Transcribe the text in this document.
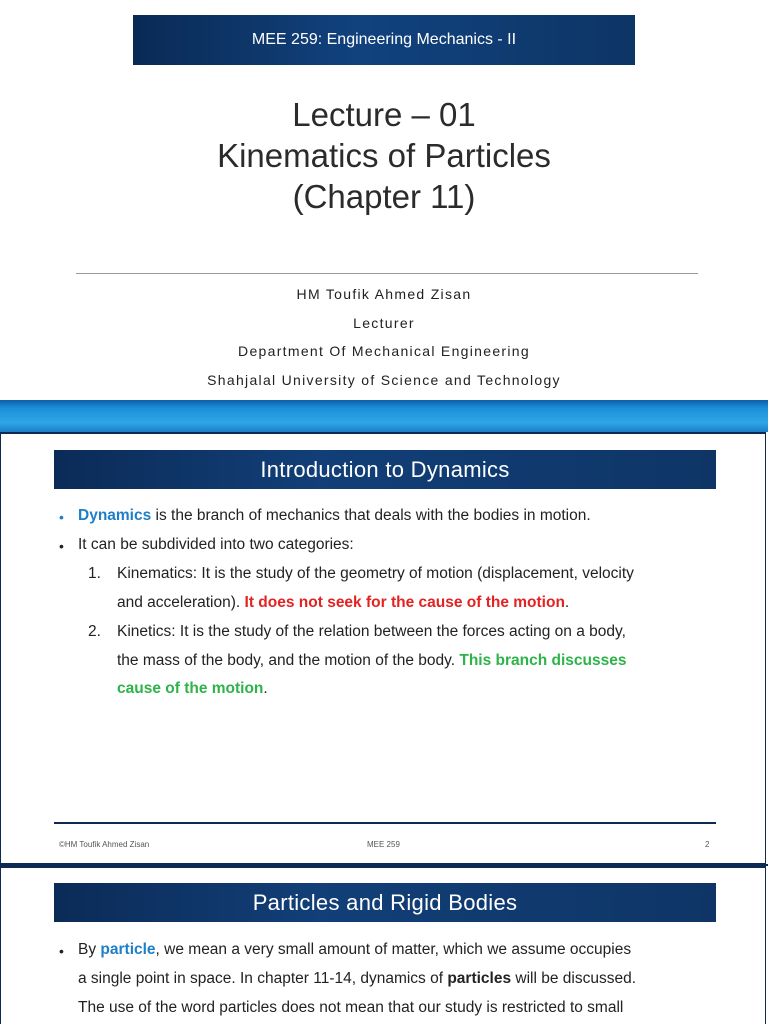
MEE 259: Engineering Mechanics - II
Lecture – 01
Kinematics of Particles
(Chapter 11)
HM Toufik Ahmed Zisan
Lecturer
Department Of Mechanical Engineering
Shahjalal University of Science and Technology
Introduction to Dynamics
• Dynamics is the branch of mechanics that deals with the bodies in motion.
• It can be subdivided into two categories:
1. Kinematics: It is the study of the geometry of motion (displacement, velocity
and acceleration). It does not seek for the cause of the motion.
2. Kinetics: It is the study of the relation between the forces acting on a body,
the mass of the body, and the motion of the body. This branch discusses
cause of the motion.
©HM Toufik Ahmed Zisan	MEE 259	2
Particles and Rigid Bodies
• By particle, we mean a very small amount of matter, which we assume occupies
a single point in space. In chapter 11-14, dynamics of particles will be discussed.
The use of the word particles does not mean that our study is restricted to small
